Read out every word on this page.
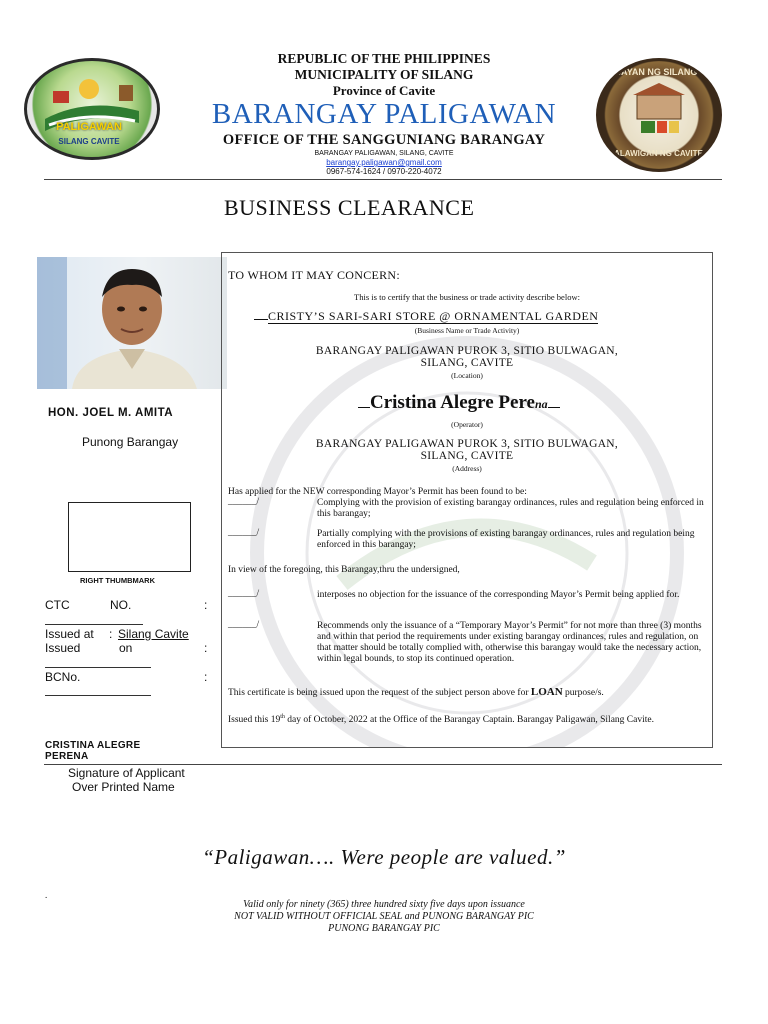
PALIGAWAN
SILANG CAVITE
BAYAN NG SILANG
LALAWIGAN NG CAVITE
REPUBLIC OF THE PHILIPPINES
MUNICIPALITY OF SILANG
Province of Cavite
BARANGAY PALIGAWAN
OFFICE OF THE SANGGUNIANG BARANGAY
BARANGAY PALIGAWAN, SILANG, CAVITE
barangay.paligawan@gmail.com
0967-574-1624 / 0970-220-4072
BUSINESS CLEARANCE
HON. JOEL M. AMITA
Punong Barangay
RIGHT THUMBMARK
CTC	NO.	:
Issued at : Silang Cavite
Issued	on	:
BCNo.	:
CRISTINA ALEGRE PERENA
Signature of Applicant
Over Printed Name
TO WHOM IT MAY CONCERN:
This is to certify that the business or trade activity describe below:
CRISTY’S SARI-SARI STORE @ ORNAMENTAL GARDEN
(Business Name or Trade Activity)
BARANGAY PALIGAWAN PUROK 3, SITIO BULWAGAN,
SILANG, CAVITE
(Location)
Cristina Alegre Perena
(Operator)
BARANGAY PALIGAWAN PUROK 3, SITIO BULWAGAN,
SILANG, CAVITE
(Address)
Has applied for the NEW corresponding Mayor’s Permit has been found to be:
______/	Complying with the provision of existing barangay ordinances, rules and regulation being enforced in this barangay;
______/	Partially complying with the provisions of existing barangay ordinances, rules and regulation being enforced in this barangay;
In view of the foregoing, this Barangay,thru the undersigned,
______/	interposes no objection for the issuance of the corresponding Mayor’s Permit being applied for.
______/	Recommends only the issuance of a “Temporary Mayor’s Permit” for not more than three (3) months and within that period the requirements under existing barangay ordinances, rules and regulation, on that matter should be totally complied with, otherwise this barangay would take the necessary action, within legal bounds, to stop its continued operation.
This certificate is being issued upon the request of the subject person above for LOAN purpose/s.
Issued this 19th day of October, 2022 at the Office of the Barangay Captain. Barangay Paligawan, Silang Cavite.
“Paligawan…. Were people are valued.”
.
Valid only for ninety (365) three hundred sixty five days upon issuance
NOT VALID WITHOUT OFFICIAL SEAL and PUNONG BARANGAY PIC
PUNONG BARANGAY PIC
